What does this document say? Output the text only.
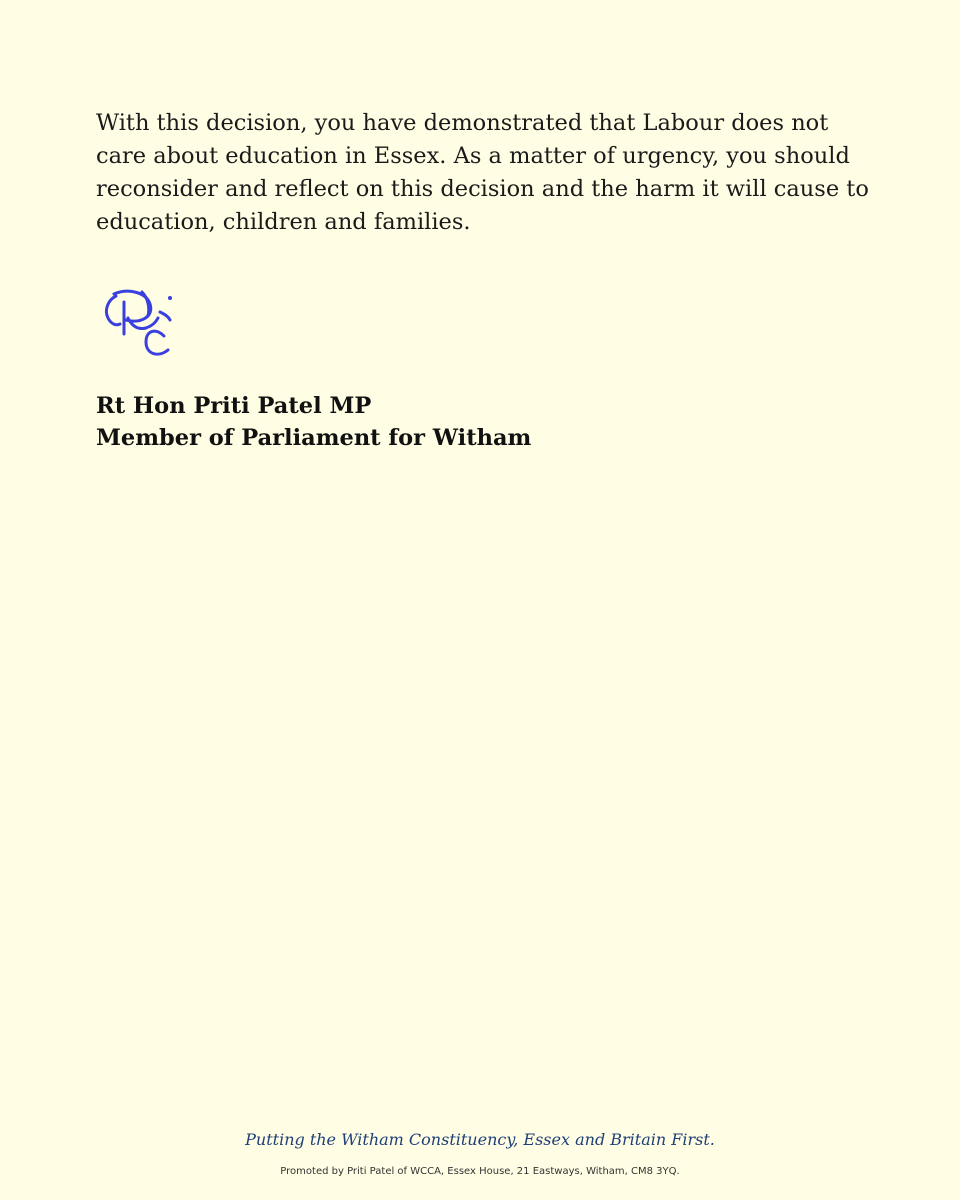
With this decision, you have demonstrated that Labour does not care about education in Essex. As a matter of urgency, you should reconsider and reflect on this decision and the harm it will cause to education, children and families.

Rt Hon Priti Patel MP
Member of Parliament for Witham
Putting the Witham Constituency, Essex and Britain First.
Promoted by Priti Patel of WCCA, Essex House, 21 Eastways, Witham, CM8 3YQ.
